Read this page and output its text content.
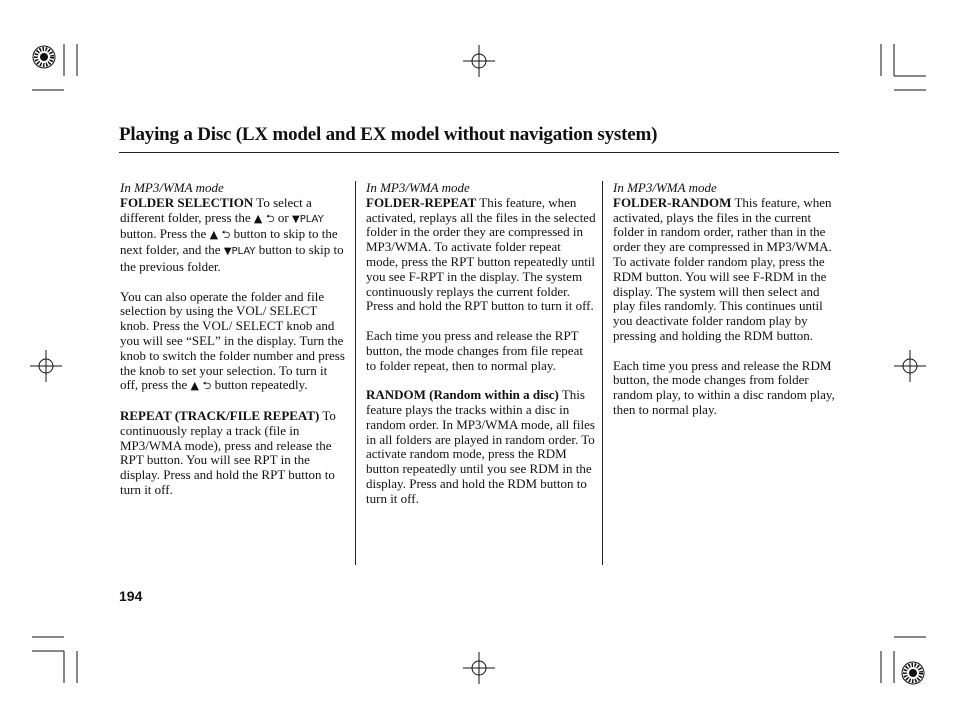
Playing a Disc (LX model and EX model without navigation system)

In MP3/WMA mode
FOLDER SELECTION To select a different folder, press the ▲ ⮌ or ▼PLAY button. Press the ▲ ⮌ button to skip to the next folder, and the ▼PLAY button to skip to the previous folder.

You can also operate the folder and file selection by using the VOL/ SELECT knob. Press the VOL/ SELECT knob and you will see “SEL” in the display. Turn the knob to switch the folder number and press the knob to set your selection. To turn it off, press the ▲ ⮌ button repeatedly.

REPEAT (TRACK/FILE REPEAT) To continuously replay a track (file in MP3/WMA mode), press and release the RPT button. You will see RPT in the display. Press and hold the RPT button to turn it off.

In MP3/WMA mode
FOLDER-REPEAT This feature, when activated, replays all the files in the selected folder in the order they are compressed in MP3/WMA. To activate folder repeat mode, press the RPT button repeatedly until you see F-RPT in the display. The system continuously replays the current folder. Press and hold the RPT button to turn it off.

Each time you press and release the RPT button, the mode changes from file repeat to folder repeat, then to normal play.

RANDOM (Random within a disc) This feature plays the tracks within a disc in random order. In MP3/WMA mode, all files in all folders are played in random order. To activate random mode, press the RDM button repeatedly until you see RDM in the display. Press and hold the RDM button to turn it off.

In MP3/WMA mode
FOLDER-RANDOM This feature, when activated, plays the files in the current folder in random order, rather than in the order they are compressed in MP3/WMA. To activate folder random play, press the RDM button. You will see F-RDM in the display. The system will then select and play files randomly. This continues until you deactivate folder random play by pressing and holding the RDM button.

Each time you press and release the RDM button, the mode changes from folder random play, to within a disc random play, then to normal play.

194
